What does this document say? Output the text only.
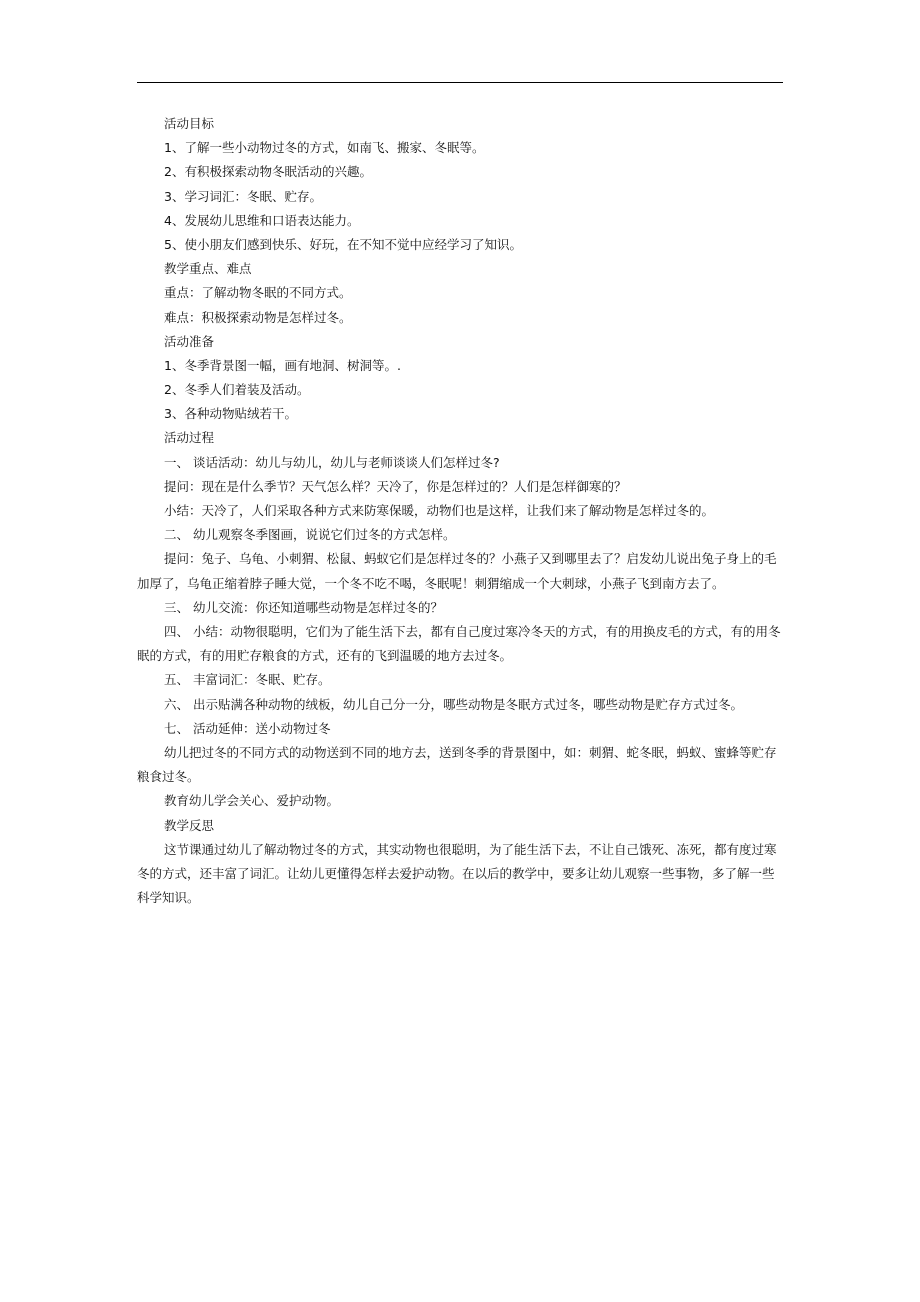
活动目标
1、了解一些小动物过冬的方式，如南飞、搬家、冬眠等。
2、有积极探索动物冬眠活动的兴趣。
3、学习词汇：冬眠、贮存。
4、发展幼儿思维和口语表达能力。
5、使小朋友们感到快乐、好玩，在不知不觉中应经学习了知识。
教学重点、难点
重点：了解动物冬眠的不同方式。
难点：积极探索动物是怎样过冬。
活动准备
1、冬季背景图一幅，画有地洞、树洞等。.
2、冬季人们着装及活动。
3、各种动物贴绒若干。
活动过程
一、 谈话活动：幼儿与幼儿，幼儿与老师谈谈人们怎样过冬?
提问：现在是什么季节？天气怎么样？天冷了，你是怎样过的？人们是怎样御寒的？
小结：天冷了，人们采取各种方式来防寒保暖，动物们也是这样，让我们来了解动物是怎样过冬的。
二、 幼儿观察冬季图画，说说它们过冬的方式怎样。
提问：兔子、乌龟、小刺猬、松鼠、蚂蚁它们是怎样过冬的？小燕子又到哪里去了？启发幼儿说出兔子身上的毛加厚了，乌龟正缩着脖子睡大觉，一个冬不吃不喝，冬眠呢！刺猬缩成一个大刺球，小燕子飞到南方去了。
三、 幼儿交流：你还知道哪些动物是怎样过冬的？
四、 小结：动物很聪明，它们为了能生活下去，都有自己度过寒冷冬天的方式，有的用换皮毛的方式，有的用冬眠的方式，有的用贮存粮食的方式，还有的飞到温暖的地方去过冬。
五、 丰富词汇：冬眠、贮存。
六、 出示贴满各种动物的绒板，幼儿自己分一分，哪些动物是冬眠方式过冬，哪些动物是贮存方式过冬。
七、 活动延伸：送小动物过冬
幼儿把过冬的不同方式的动物送到不同的地方去，送到冬季的背景图中，如：刺猬、蛇冬眠，蚂蚁、蜜蜂等贮存粮食过冬。
教育幼儿学会关心、爱护动物。
教学反思
这节课通过幼儿了解动物过冬的方式，其实动物也很聪明，为了能生活下去，不让自己饿死、冻死，都有度过寒冬的方式，还丰富了词汇。让幼儿更懂得怎样去爱护动物。在以后的教学中，要多让幼儿观察一些事物，多了解一些科学知识。
